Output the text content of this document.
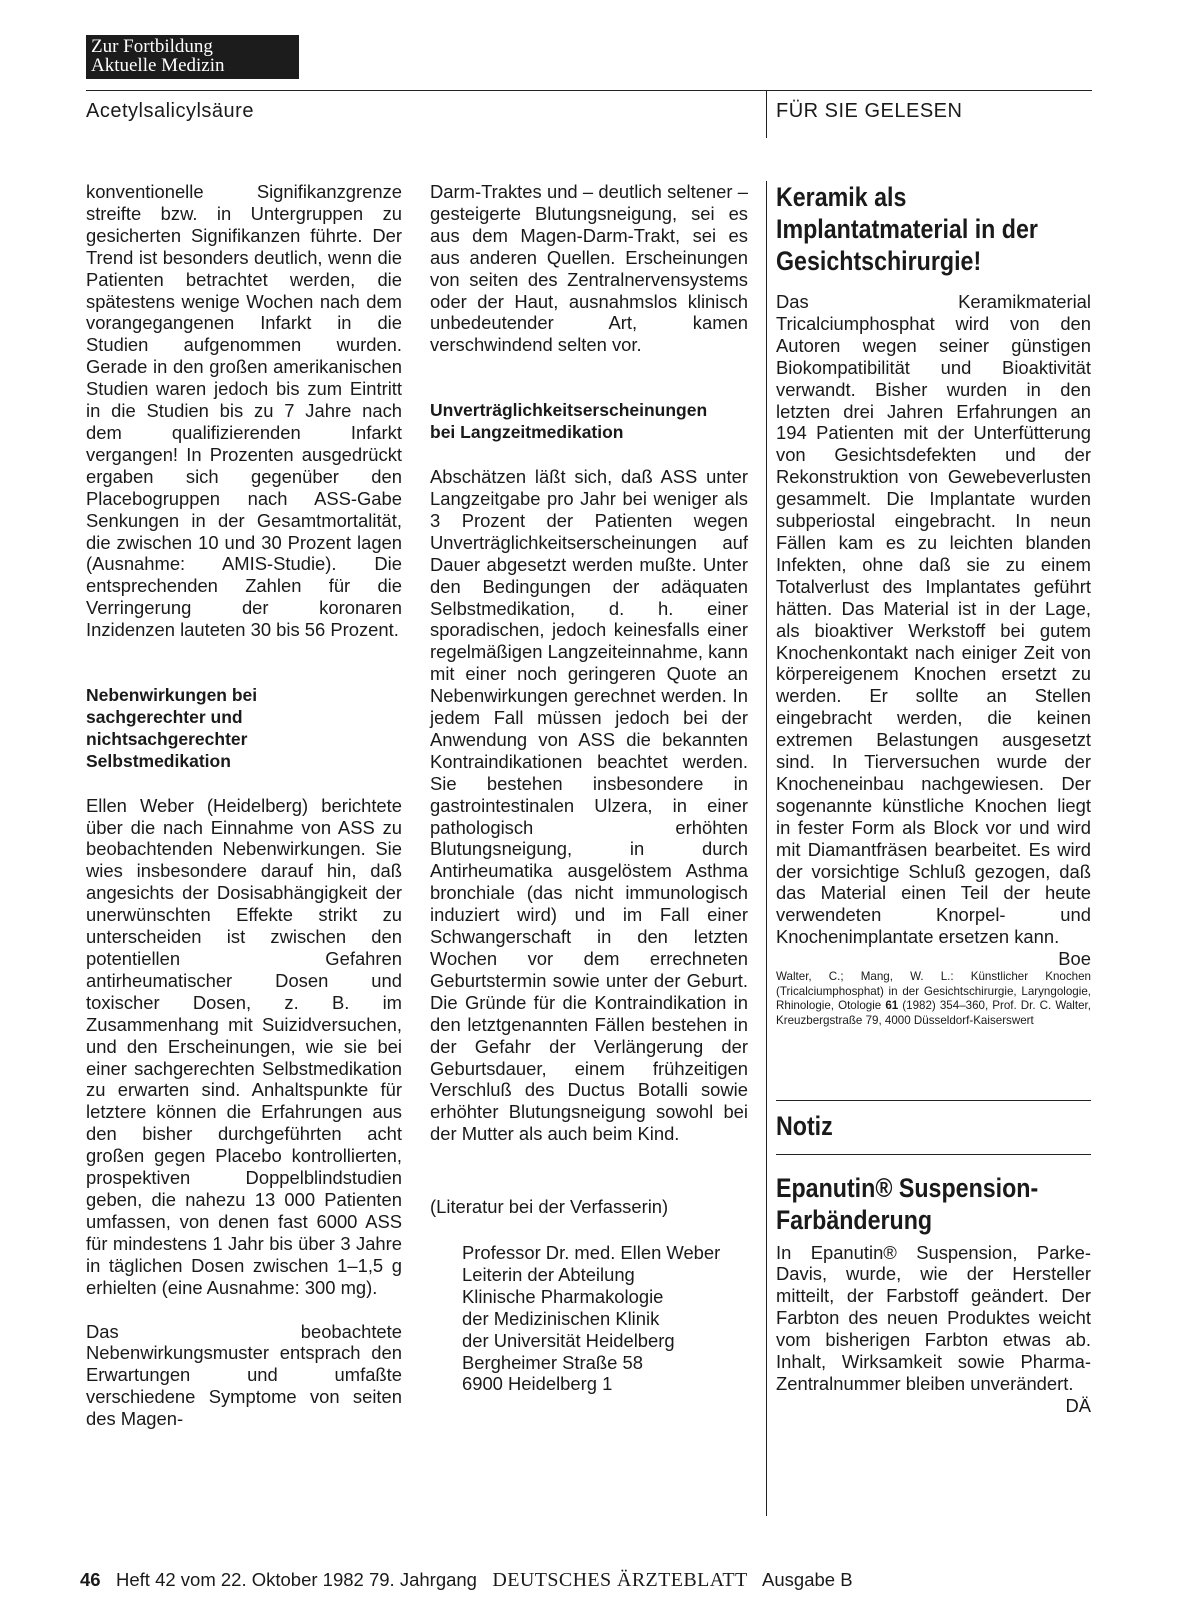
Zur Fortbildung
Aktuelle Medizin
Acetylsalicylsäure	FÜR SIE GELESEN

konventionelle Signifikanzgrenze streifte bzw. in Untergruppen zu gesicherten Signifikanzen führte. Der Trend ist besonders deutlich, wenn die Patienten betrachtet werden, die spätestens wenige Wochen nach dem vorangegangenen Infarkt in die Studien aufgenommen wurden. Gerade in den großen amerikanischen Studien waren jedoch bis zum Eintritt in die Studien bis zu 7 Jahre nach dem qualifizierenden Infarkt vergangen! In Prozenten ausgedrückt ergaben sich gegenüber den Placebogruppen nach ASS-Gabe Senkungen in der Gesamtmortalität, die zwischen 10 und 30 Prozent lagen (Ausnahme: AMIS-Studie). Die entsprechenden Zahlen für die Verringerung der koronaren Inzidenzen lauteten 30 bis 56 Prozent.

Nebenwirkungen bei
sachgerechter und
nichtsachgerechter
Selbstmedikation

Ellen Weber (Heidelberg) berichtete über die nach Einnahme von ASS zu beobachtenden Nebenwirkungen. Sie wies insbesondere darauf hin, daß angesichts der Dosisabhängigkeit der unerwünschten Effekte strikt zu unterscheiden ist zwischen den potentiellen Gefahren antirheumatischer Dosen und toxischer Dosen, z. B. im Zusammenhang mit Suizidversuchen, und den Erscheinungen, wie sie bei einer sachgerechten Selbstmedikation zu erwarten sind. Anhaltspunkte für letztere können die Erfahrungen aus den bisher durchgeführten acht großen gegen Placebo kontrollierten, prospektiven Doppelblindstudien geben, die nahezu 13 000 Patienten umfassen, von denen fast 6000 ASS für mindestens 1 Jahr bis über 3 Jahre in täglichen Dosen zwischen 1–1,5 g erhielten (eine Ausnahme: 300 mg).

Das beobachtete Nebenwirkungsmuster entsprach den Erwartungen und umfaßte verschiedene Symptome von seiten des Magen-

Darm-Traktes und – deutlich seltener – gesteigerte Blutungsneigung, sei es aus dem Magen-Darm-Trakt, sei es aus anderen Quellen. Erscheinungen von seiten des Zentralnervensystems oder der Haut, ausnahmslos klinisch unbedeutender Art, kamen verschwindend selten vor.

Unverträglichkeitserscheinungen
bei Langzeitmedikation

Abschätzen läßt sich, daß ASS unter Langzeitgabe pro Jahr bei weniger als 3 Prozent der Patienten wegen Unverträglichkeitserscheinungen auf Dauer abgesetzt werden mußte. Unter den Bedingungen der adäquaten Selbstmedikation, d. h. einer sporadischen, jedoch keinesfalls einer regelmäßigen Langzeiteinnahme, kann mit einer noch geringeren Quote an Nebenwirkungen gerechnet werden. In jedem Fall müssen jedoch bei der Anwendung von ASS die bekannten Kontraindikationen beachtet werden. Sie bestehen insbesondere in gastrointestinalen Ulzera, in einer pathologisch erhöhten Blutungsneigung, in durch Antirheumatika ausgelöstem Asthma bronchiale (das nicht immunologisch induziert wird) und im Fall einer Schwangerschaft in den letzten Wochen vor dem errechneten Geburtstermin sowie unter der Geburt. Die Gründe für die Kontraindikation in den letztgenannten Fällen bestehen in der Gefahr der Verlängerung der Geburtsdauer, einem frühzeitigen Verschluß des Ductus Botalli sowie erhöhter Blutungsneigung sowohl bei der Mutter als auch beim Kind.

(Literatur bei der Verfasserin)
Professor Dr. med. Ellen Weber
Leiterin der Abteilung
Klinische Pharmakologie
der Medizinischen Klinik
der Universität Heidelberg
Bergheimer Straße 58
6900 Heidelberg 1
Keramik als
Implantatmaterial in der
Gesichtschirurgie!

Das Keramikmaterial Tricalciumphosphat wird von den Autoren wegen seiner günstigen Biokompatibilität und Bioaktivität verwandt. Bisher wurden in den letzten drei Jahren Erfahrungen an 194 Patienten mit der Unterfütterung von Gesichtsdefekten und der Rekonstruktion von Gewebeverlusten gesammelt. Die Implantate wurden subperiostal eingebracht. In neun Fällen kam es zu leichten blanden Infekten, ohne daß sie zu einem Totalverlust des Implantates geführt hätten. Das Material ist in der Lage, als bioaktiver Werkstoff bei gutem Knochenkontakt nach einiger Zeit von körpereigenem Knochen ersetzt zu werden. Er sollte an Stellen eingebracht werden, die keinen extremen Belastungen ausgesetzt sind. In Tierversuchen wurde der Knocheneinbau nachgewiesen. Der sogenannte künstliche Knochen liegt in fester Form als Block vor und wird mit Diamantfräsen bearbeitet. Es wird der vorsichtige Schluß gezogen, daß das Material einen Teil der heute verwendeten Knorpel- und Knochenimplantate ersetzen kann.
Boe

Walter, C.; Mang, W. L.: Künstlicher Knochen (Tricalciumphosphat) in der Gesichtschirurgie, Laryngologie, Rhinologie, Otologie 61 (1982) 354–360, Prof. Dr. C. Walter, Kreuzbergstraße 79, 4000 Düsseldorf-Kaiserswert

Notiz
Epanutin® Suspension-
Farbänderung

In Epanutin® Suspension, Parke-Davis, wurde, wie der Hersteller mitteilt, der Farbstoff geändert. Der Farbton des neuen Produktes weicht vom bisherigen Farbton etwas ab. Inhalt, Wirksamkeit sowie Pharma-Zentralnummer bleiben unverändert.
DÄ

46 Heft 42 vom 22. Oktober 1982 79. Jahrgang DEUTSCHES ÄRZTEBLATT Ausgabe B
